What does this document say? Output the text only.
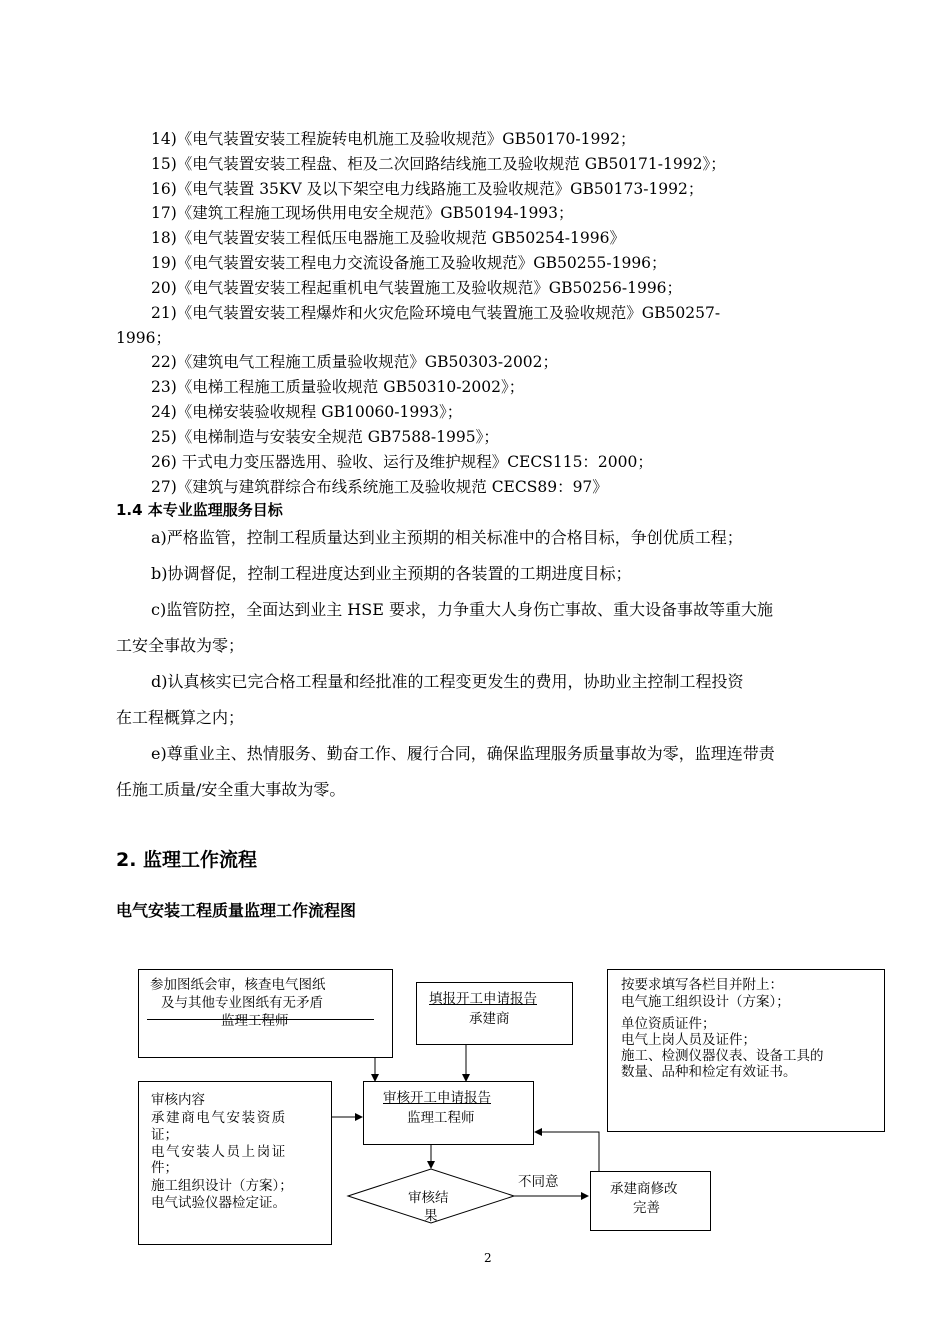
14)《电气装置安装工程旋转电机施工及验收规范》GB50170-1992；
15)《电气装置安装工程盘、柜及二次回路结线施工及验收规范 GB50171-1992》；
16)《电气装置 35KV 及以下架空电力线路施工及验收规范》GB50173-1992；
17)《建筑工程施工现场供用电安全规范》GB50194-1993；
18)《电气装置安装工程低压电器施工及验收规范 GB50254-1996》
19)《电气装置安装工程电力交流设备施工及验收规范》GB50255-1996；
20)《电气装置安装工程起重机电气装置施工及验收规范》GB50256-1996；
21)《电气装置安装工程爆炸和火灾危险环境电气装置施工及验收规范》GB50257-
1996；
22)《建筑电气工程施工质量验收规范》GB50303-2002；
23)《电梯工程施工质量验收规范 GB50310-2002》；
24)《电梯安装验收规程 GB10060-1993》；
25)《电梯制造与安装安全规范 GB7588-1995》；
26) 干式电力变压器选用、验收、运行及维护规程》CECS115：2000；
27)《建筑与建筑群综合布线系统施工及验收规范 CECS89：97》
1.4 本专业监理服务目标
a)严格监管，控制工程质量达到业主预期的相关标准中的合格目标，争创优质工程；
b)协调督促，控制工程进度达到业主预期的各装置的工期进度目标；
c)监管防控，全面达到业主 HSE 要求，力争重大人身伤亡事故、重大设备事故等重大施
工安全事故为零；
d)认真核实已完合格工程量和经批准的工程变更发生的费用，协助业主控制工程投资
在工程概算之内；
e)尊重业主、热情服务、勤奋工作、履行合同，确保监理服务质量事故为零，监理连带责
任施工质量/安全重大事故为零。
2. 监理工作流程
电气安装工程质量监理工作流程图
参加图纸会审，核查电气图纸
及与其他专业图纸有无矛盾
监理工程师
填报开工申请报告
承建商
按要求填写各栏目并附上：
电气施工组织设计（方案）；
单位资质证件；
电气上岗人员及证件；
施工、检测仪器仪表、设备工具的
数量、品种和检定有效证书。
审核内容
承建商电气安装资质
证；
电气安装人员上岗证
件；
施工组织设计（方案）；
电气试验仪器检定证。
审核开工申请报告
监理工程师
审核结
果
不同意	承建商修改
完善
2
